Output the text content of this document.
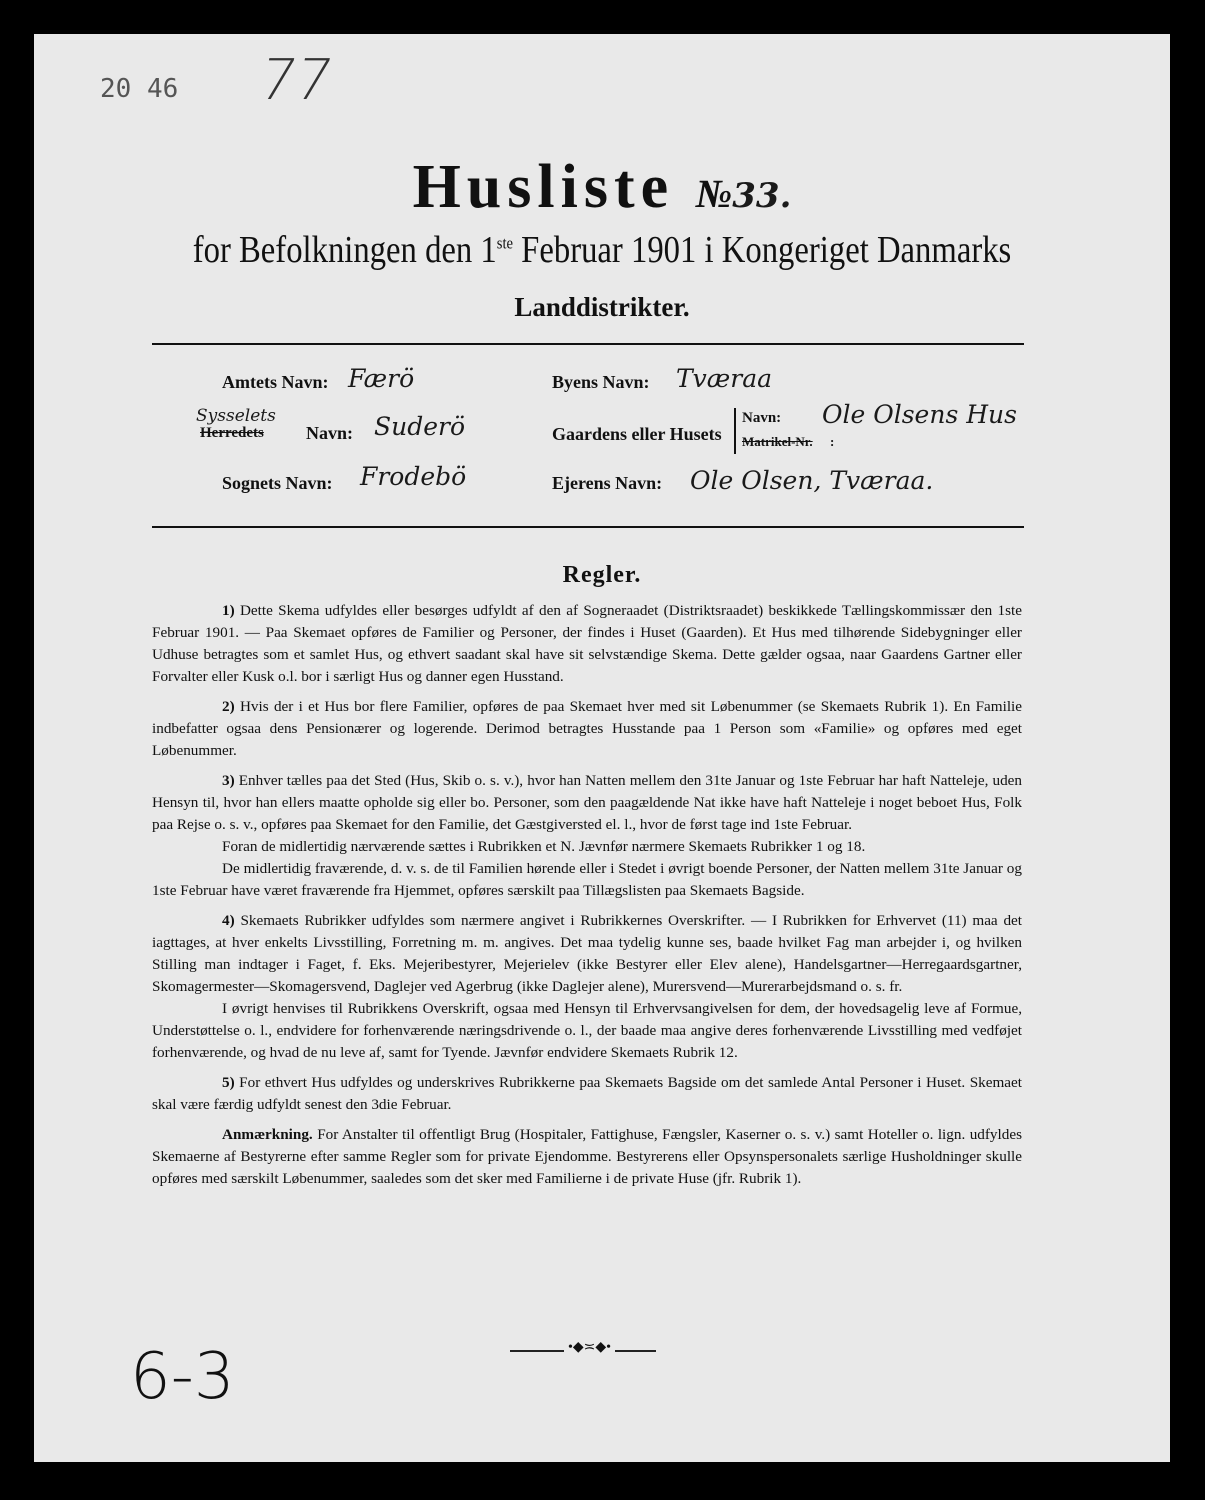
20 46 77
Husliste №33.
for Befolkningen den 1ste Februar 1901 i Kongeriget Danmarks
Landdistrikter.
Amtets Navn: Færö
Sysselets
Herredets Navn: Suderö
Sognets Navn: Frodebö
Byens Navn: Tværaa
Gaardens eller Husets
Navn: Ole Olsens Hus
Matrikel-Nr. :
Ejerens Navn: Ole Olsen, Tværaa.
Regler.

1) Dette Skema udfyldes eller besørges udfyldt af den af Sogneraadet (Distriktsraadet) beskikkede Tællingskommissær den 1ste Februar 1901. — Paa Skemaet opføres de Familier og Personer, der findes i Huset (Gaarden). Et Hus med tilhørende Sidebygninger eller Udhuse betragtes som et samlet Hus, og ethvert saadant skal have sit selvstændige Skema. Dette gælder ogsaa, naar Gaardens Gartner eller Forvalter eller Kusk o.l. bor i særligt Hus og danner egen Husstand.

2) Hvis der i et Hus bor flere Familier, opføres de paa Skemaet hver med sit Løbenummer (se Skemaets Rubrik 1). En Familie indbefatter ogsaa dens Pensionærer og logerende. Derimod betragtes Husstande paa 1 Person som «Familie» og opføres med eget Løbenummer.

3) Enhver tælles paa det Sted (Hus, Skib o. s. v.), hvor han Natten mellem den 31te Januar og 1ste Februar har haft Natteleje, uden Hensyn til, hvor han ellers maatte opholde sig eller bo. Personer, som den paagældende Nat ikke have haft Natteleje i noget beboet Hus, Folk paa Rejse o. s. v., opføres paa Skemaet for den Familie, det Gæstgiversted el. l., hvor de først tage ind 1ste Februar.

Foran de midlertidig nærværende sættes i Rubrikken et N. Jævnfør nærmere Skemaets Rubrikker 1 og 18.

De midlertidig fraværende, d. v. s. de til Familien hørende eller i Stedet i øvrigt boende Personer, der Natten mellem 31te Januar og 1ste Februar have været fraværende fra Hjemmet, opføres særskilt paa Tillægslisten paa Skemaets Bagside.

4) Skemaets Rubrikker udfyldes som nærmere angivet i Rubrikkernes Overskrifter. — I Rubrikken for Erhvervet (11) maa det iagttages, at hver enkelts Livsstilling, Forretning m. m. angives. Det maa tydelig kunne ses, baade hvilket Fag man arbejder i, og hvilken Stilling man indtager i Faget, f. Eks. Mejeribestyrer, Mejerielev (ikke Bestyrer eller Elev alene), Handelsgartner—Herregaardsgartner, Skomagermester—Skomagersvend, Daglejer ved Agerbrug (ikke Daglejer alene), Murersvend—Murerarbejdsmand o. s. fr.

I øvrigt henvises til Rubrikkens Overskrift, ogsaa med Hensyn til Erhvervsangivelsen for dem, der hovedsagelig leve af Formue, Understøttelse o. l., endvidere for forhenværende næringsdrivende o. l., der baade maa angive deres forhenværende Livsstilling med vedføjet forhenværende, og hvad de nu leve af, samt for Tyende. Jævnfør endvidere Skemaets Rubrik 12.

5) For ethvert Hus udfyldes og underskrives Rubrikkerne paa Skemaets Bagside om det samlede Antal Personer i Huset. Skemaet skal være færdig udfyldt senest den 3die Februar.

Anmærkning. For Anstalter til offentligt Brug (Hospitaler, Fattighuse, Fængsler, Kaserner o. s. v.) samt Hoteller o. lign. udfyldes Skemaerne af Bestyrerne efter samme Regler som for private Ejendomme. Bestyrerens eller Opsynspersonalets særlige Husholdninger skulle opføres med særskilt Løbenummer, saaledes som det sker med Familierne i de private Huse (jfr. Rubrik 1).

•◆≍◆•
6-3
